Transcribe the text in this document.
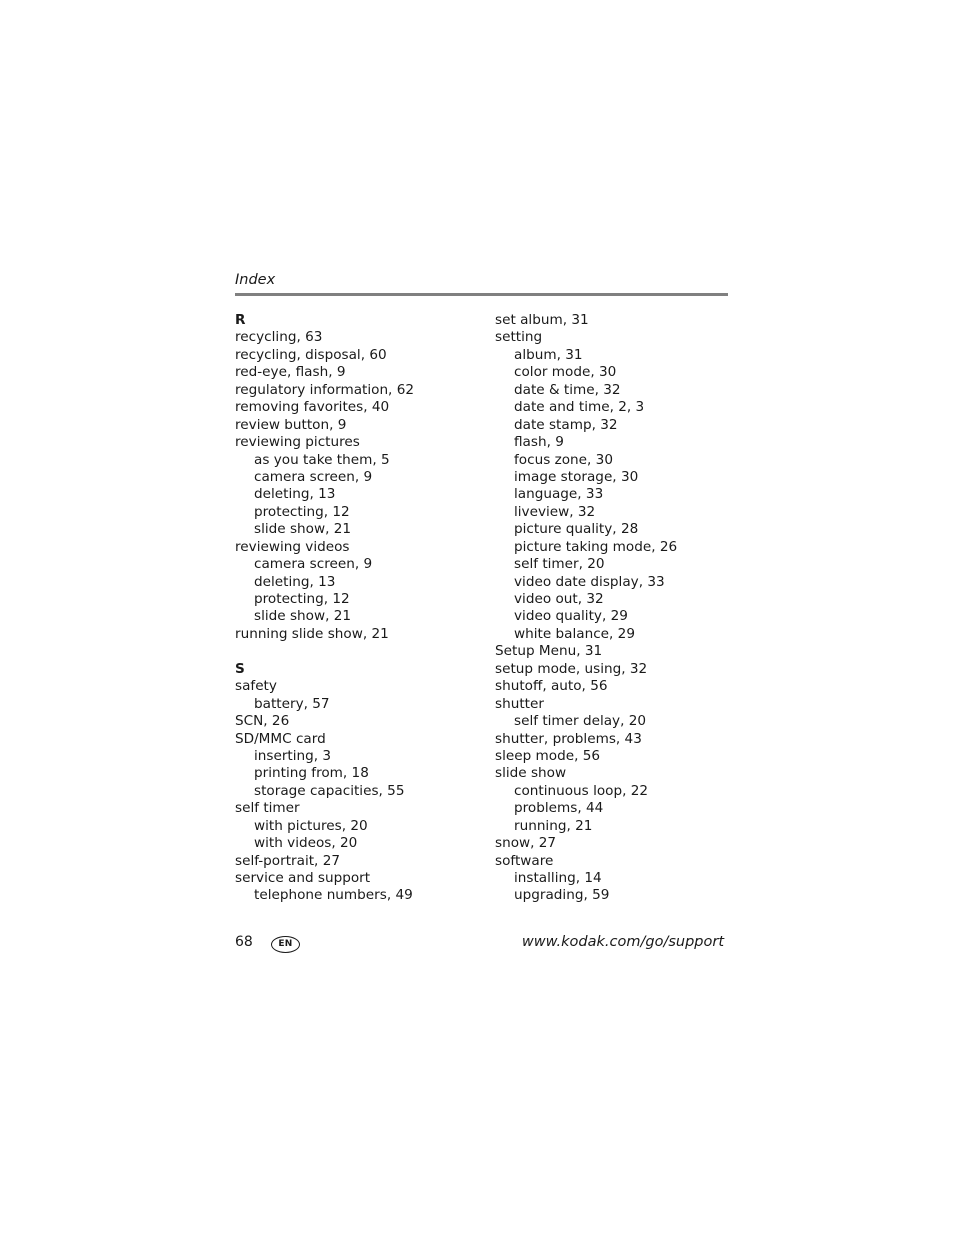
Index
R
recycling, 63
recycling, disposal, 60
red-eye, flash, 9
regulatory information, 62
removing favorites, 40
review button, 9
reviewing pictures
as you take them, 5
camera screen, 9
deleting, 13
protecting, 12
slide show, 21
reviewing videos
camera screen, 9
deleting, 13
protecting, 12
slide show, 21
running slide show, 21
S
safety
battery, 57
SCN, 26
SD/MMC card
inserting, 3
printing from, 18
storage capacities, 55
self timer
with pictures, 20
with videos, 20
self-portrait, 27
service and support
telephone numbers, 49
set album, 31
setting
album, 31
color mode, 30
date & time, 32
date and time, 2, 3
date stamp, 32
flash, 9
focus zone, 30
image storage, 30
language, 33
liveview, 32
picture quality, 28
picture taking mode, 26
self timer, 20
video date display, 33
video out, 32
video quality, 29
white balance, 29
Setup Menu, 31
setup mode, using, 32
shutoff, auto, 56
shutter
self timer delay, 20
shutter, problems, 43
sleep mode, 56
slide show
continuous loop, 22
problems, 44
running, 21
snow, 27
software
installing, 14
upgrading, 59
68	EN	www.kodak.com/go/support
